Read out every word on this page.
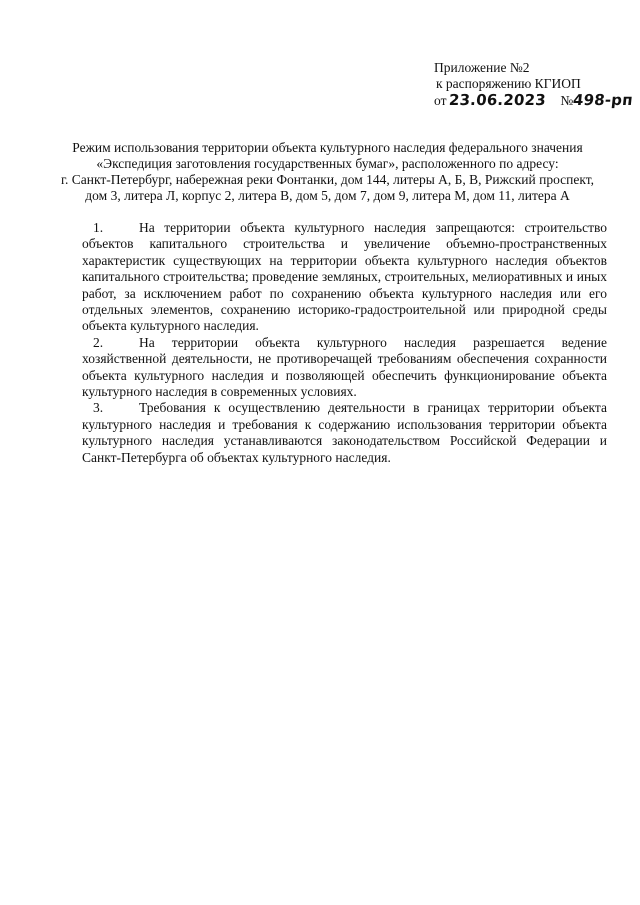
Приложение №2
к распоряжению КГИОП
от 23.06.2023 №498-рп
Режим использования территории объекта культурного наследия федерального значения
«Экспедиция заготовления государственных бумаг», расположенного по адресу:
г. Санкт-Петербург, набережная реки Фонтанки, дом 144, литеры А, Б, В, Рижский проспект,
дом 3, литера Л, корпус 2, литера В, дом 5, дом 7, дом 9, литера М, дом 11, литера А

1.	На территории объекта культурного наследия запрещаются: строительство объектов капитального строительства и увеличение объемно-пространственных характеристик существующих на территории объекта культурного наследия объектов капитального строительства; проведение земляных, строительных, мелиоративных и иных работ, за исключением работ по сохранению объекта культурного наследия или его отдельных элементов, сохранению историко-градостроительной или природной среды объекта культурного наследия.

2.	На территории объекта культурного наследия разрешается ведение хозяйственной деятельности, не противоречащей требованиям обеспечения сохранности объекта культурного наследия и позволяющей обеспечить функционирование объекта культурного наследия в современных условиях.

3.	Требования к осуществлению деятельности в границах территории объекта культурного наследия и требования к содержанию использования территории объекта культурного наследия устанавливаются законодательством Российской Федерации и Санкт-Петербурга об объектах культурного наследия.
